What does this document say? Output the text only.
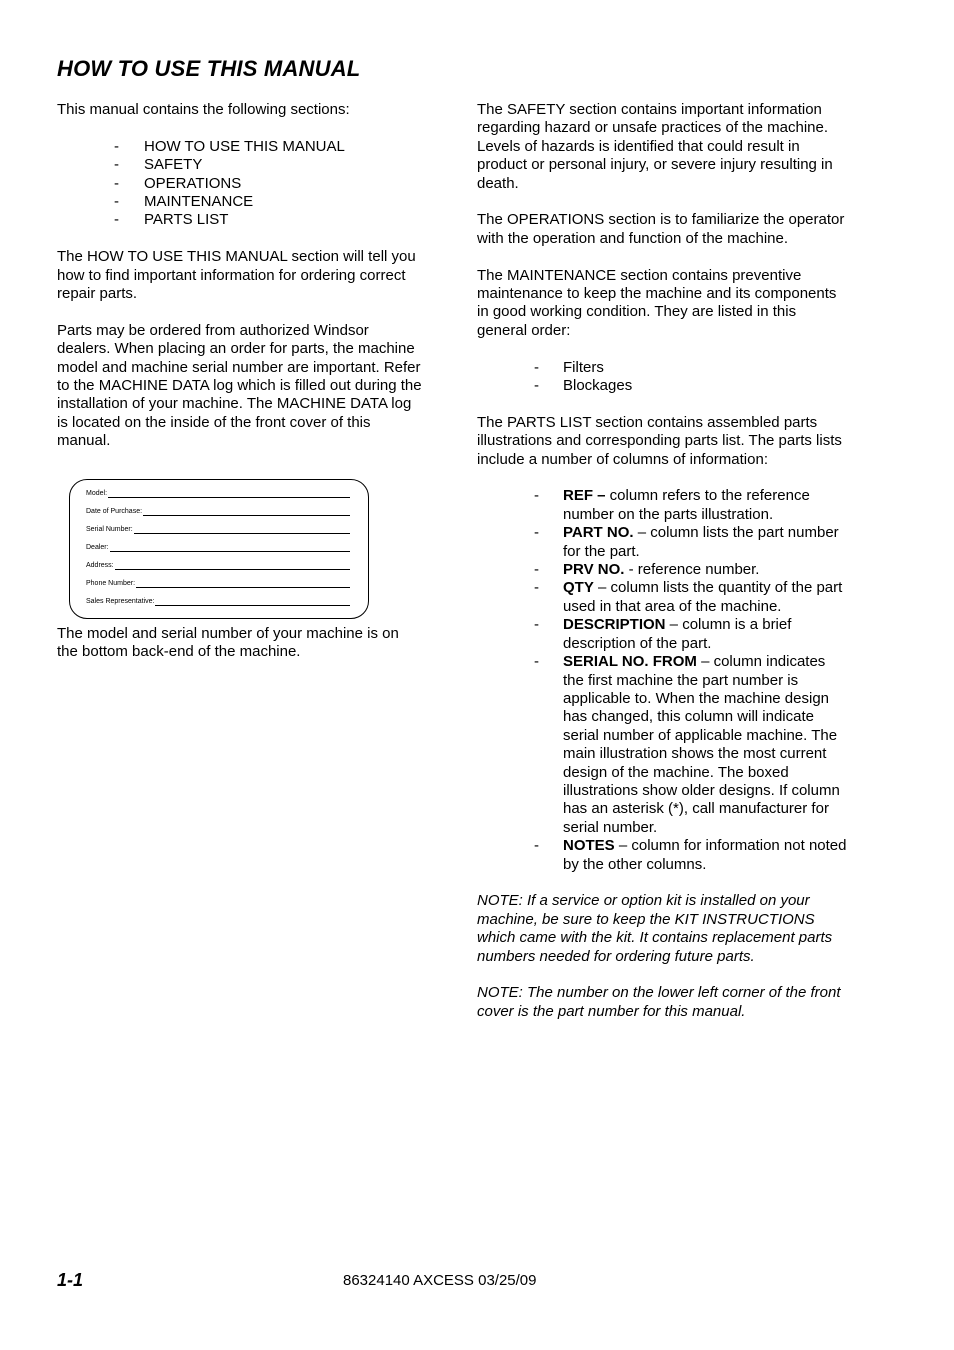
HOW TO USE THIS MANUAL

This manual contains the following sections:

- HOW TO USE THIS MANUAL
- SAFETY
- OPERATIONS
- MAINTENANCE
- PARTS LIST

The HOW TO USE THIS MANUAL section will tell you how to find important information for ordering correct repair parts.

Parts may be ordered from authorized Windsor dealers. When placing an order for parts, the machine model and machine serial number are important. Refer to the MACHINE DATA log which is filled out during the installation of your machine. The MACHINE DATA log is located on the inside of the front cover of this manual.

Model:
Date of Purchase:
Serial Number:
Dealer:
Address:
Phone Number:
Sales Representative:

The model and serial number of your machine is on the bottom back-end of the machine.

The SAFETY section contains important information regarding hazard or unsafe practices of the machine. Levels of hazards is identified that could result in product or personal injury, or severe injury resulting in death.

The OPERATIONS section is to familiarize the operator with the operation and function of the machine.

The MAINTENANCE section contains preventive maintenance to keep the machine and its components in good working condition. They are listed in this general order:

- Filters
- Blockages

The PARTS LIST section contains assembled parts illustrations and corresponding parts list. The parts lists include a number of columns of information:

- REF – column refers to the reference number on the parts illustration.
- PART NO. – column lists the part number for the part.
- PRV NO. - reference number.
- QTY – column lists the quantity of the part used in that area of the machine.
- DESCRIPTION – column is a brief description of the part.
- SERIAL NO. FROM – column indicates the first machine the part number is applicable to. When the machine design has changed, this column will indicate serial number of applicable machine. The main illustration shows the most current design of the machine. The boxed illustrations show older designs. If column has an asterisk (*), call manufacturer for serial number.
- NOTES – column for information not noted by the other columns.

NOTE: If a service or option kit is installed on your machine, be sure to keep the KIT INSTRUCTIONS which came with the kit. It contains replacement parts numbers needed for ordering future parts.

NOTE: The number on the lower left corner of the front cover is the part number for this manual.

1-1	86324140 AXCESS 03/25/09
